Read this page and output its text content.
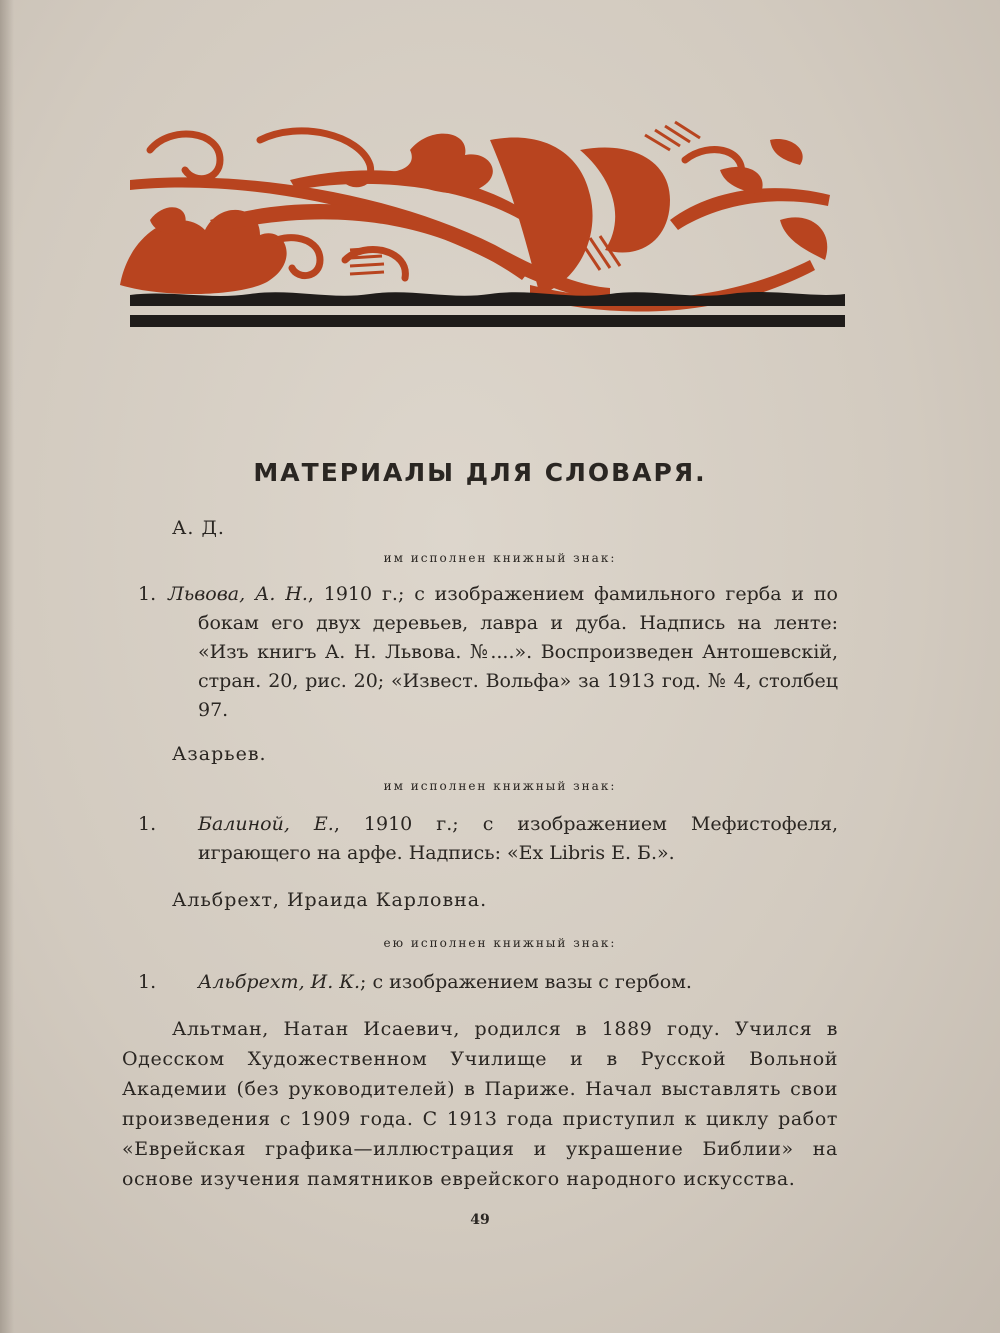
МАТЕРИАЛЫ ДЛЯ СЛОВАРЯ.
А. Д.
им исполнен книжный знак:
1. Львова, А. Н., 1910 г.; с изображением фамильного герба и по бокам его двух деревьев, лавра и дуба. Надпись на ленте: «Изъ книгъ А. Н. Львова. №....». Воспроизведен Антошевскій, стран. 20, рис. 20; «Извест. Вольфа» за 1913 год. № 4, столбец 97.
Азарьев.
им исполнен книжный знак:
1. Балиной, Е., 1910 г.; с изображением Мефистофеля, играющего на арфе. Надпись: «Ex Libris Е. Б.».
Альбрехт, Ираида Карловна.
ею исполнен книжный знак:
1. Альбрехт, И. К.; с изображением вазы с гербом.
Альтман, Натан Исаевич, родился в 1889 году. Учился в Одесском Художественном Училище и в Русской Вольной Академии (без руководителей) в Париже. Начал выставлять свои произведения с 1909 года. С 1913 года приступил к циклу работ «Еврейская графика—иллюстрация и украшение Библии» на основе изучения памятников еврейского народного искусства.
49
